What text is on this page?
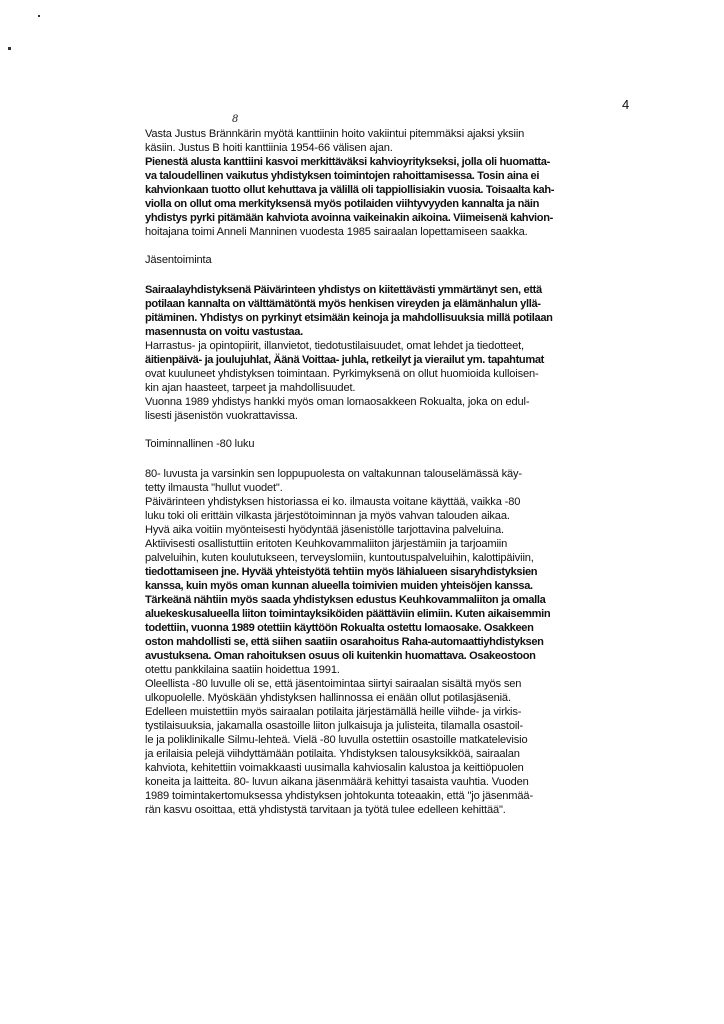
4
8
Vasta Justus Brännkärin myötä kanttiinin hoito vakiintui pitemmäksi ajaksi yksiin
käsiin. Justus B hoiti kanttiinia 1954-66 välisen ajan.
Pienestä alusta kanttiini kasvoi merkittäväksi kahvioyritykseksi, jolla oli huomatta-
va taloudellinen vaikutus yhdistyksen toimintojen rahoittamisessa. Tosin aina ei
kahvionkaan tuotto ollut kehuttava ja välillä oli tappiollisiakin vuosia. Toisaalta kah-
violla on ollut oma merkityksensä myös potilaiden viihtyvyyden kannalta ja näin
yhdistys pyrki pitämään kahviota avoinna vaikeinakin aikoina. Viimeisenä kahvion-
hoitajana toimi Anneli Manninen vuodesta 1985 sairaalan lopettamiseen saakka.
Jäsentoiminta
Sairaalayhdistyksenä Päivärinteen yhdistys on kiitettävästi ymmärtänyt sen, että
potilaan kannalta on välttämätöntä myös henkisen vireyden ja elämänhalun yllä-
pitäminen. Yhdistys on pyrkinyt etsimään keinoja ja mahdollisuuksia millä potilaan
masennusta on voitu vastustaa.
Harrastus- ja opintopiirit, illanvietot, tiedotustilaisuudet, omat lehdet ja tiedotteet,
äitienpäivä- ja joulujuhlat, Äänä Voittaa- juhla, retkeilyt ja vierailut ym. tapahtumat
ovat kuuluneet yhdistyksen toimintaan. Pyrkimyksenä on ollut huomioida kulloisen-
kin ajan haasteet, tarpeet ja mahdollisuudet.
Vuonna 1989 yhdistys hankki myös oman lomaosakkeen Rokualta, joka on edul-
lisesti jäsenistön vuokrattavissa.
Toiminnallinen -80 luku
80- luvusta ja varsinkin sen loppupuolesta on valtakunnan talouselämässä käy-
tetty ilmausta "hullut vuodet".
Päivärinteen yhdistyksen historiassa ei ko. ilmausta voitane käyttää, vaikka -80
luku toki oli erittäin vilkasta järjestötoiminnan ja myös vahvan talouden aikaa.
Hyvä aika voitiin myönteisesti hyödyntää jäsenistölle tarjottavina palveluina.
Aktiivisesti osallistuttiin eritoten Keuhkovammaliiton järjestämiin ja tarjoamiin
palveluihin, kuten koulutukseen, terveyslomiin, kuntoutuspalveluihin, kalottipäiviin,
tiedottamiseen jne. Hyvää yhteistyötä tehtiin myös lähialueen sisaryhdistyksien
kanssa, kuin myös oman kunnan alueella toimivien muiden yhteisöjen kanssa.
Tärkeänä nähtiin myös saada yhdistyksen edustus Keuhkovammaliiton ja omalla
aluekeskusalueella liiton toimintayksiköiden päättäviin elimiin. Kuten aikaisemmin
todettiin, vuonna 1989 otettiin käyttöön Rokualta ostettu lomaosake. Osakkeen
oston mahdollisti se, että siihen saatiin osarahoitus Raha-automaattiyhdistyksen
avustuksena. Oman rahoituksen osuus oli kuitenkin huomattava. Osakeostoon
otettu pankkilaina saatiin hoidettua 1991.
Oleellista -80 luvulle oli se, että jäsentoimintaa siirtyi sairaalan sisältä myös sen
ulkopuolelle. Myöskään yhdistyksen hallinnossa ei enään ollut potilasjäseniä.
Edelleen muistettiin myös sairaalan potilaita järjestämällä heille viihde- ja virkis-
tystilaisuuksia, jakamalla osastoille liiton julkaisuja ja julisteita, tilamalla osastoil-
le ja poliklinikalle Silmu-lehteä. Vielä -80 luvulla ostettiin osastoille matkatelevisio
ja erilaisia pelejä viihdyttämään potilaita. Yhdistyksen talousyksikköä, sairaalan
kahviota, kehitettiin voimakkaasti uusimalla kahviosalin kalustoa ja keittiöpuolen
koneita ja laitteita. 80- luvun aikana jäsenmäärä kehittyi tasaista vauhtia. Vuoden
1989 toimintakertomuksessa yhdistyksen johtokunta toteaakin, että "jo jäsenmää-
rän kasvu osoittaa, että yhdistystä tarvitaan ja työtä tulee edelleen kehittää".
